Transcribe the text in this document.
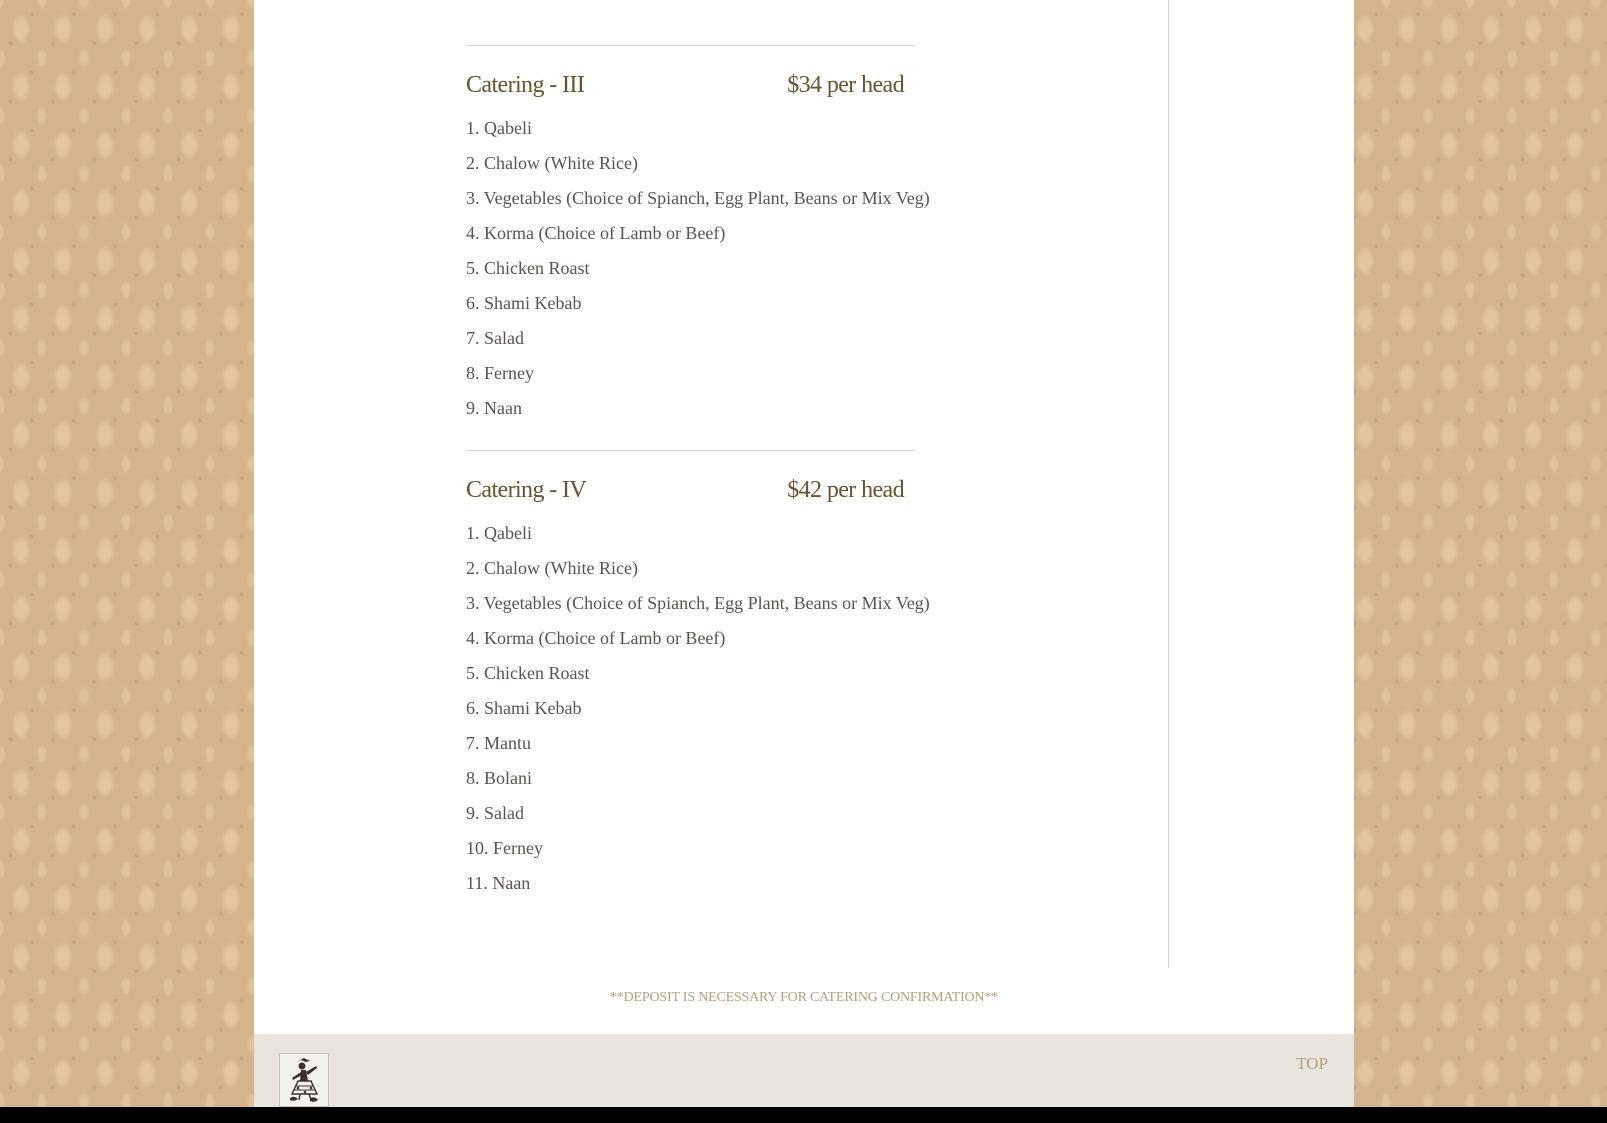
Catering - III	$34 per head
1. Qabeli
2. Chalow (White Rice)
3. Vegetables (Choice of Spianch, Egg Plant, Beans or Mix Veg)
4. Korma (Choice of Lamb or Beef)
5. Chicken Roast
6. Shami Kebab
7. Salad
8. Ferney
9. Naan
Catering - IV	$42 per head
1. Qabeli
2. Chalow (White Rice)
3. Vegetables (Choice of Spianch, Egg Plant, Beans or Mix Veg)
4. Korma (Choice of Lamb or Beef)
5. Chicken Roast
6. Shami Kebab
7. Mantu
8. Bolani
9. Salad
10. Ferney
11. Naan
**DEPOSIT IS NECESSARY FOR CATERING CONFIRMATION**
TOP
